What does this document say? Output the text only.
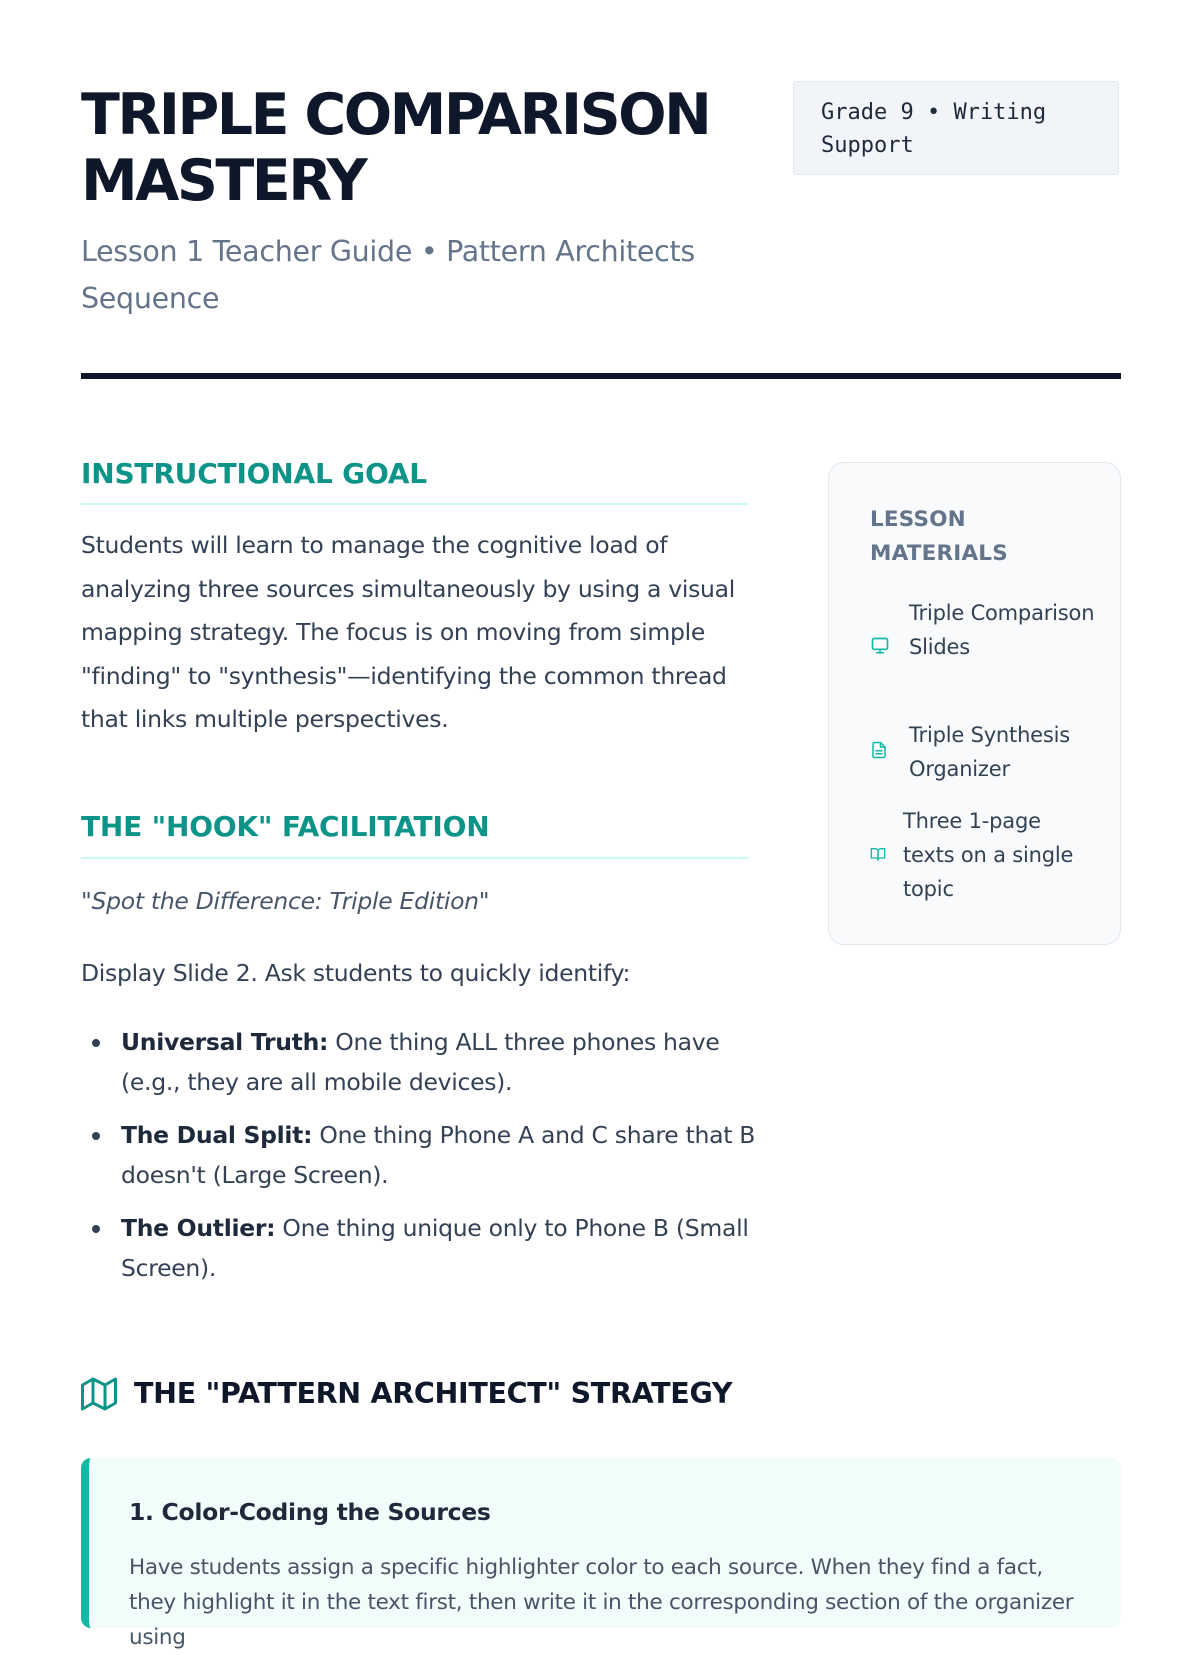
TRIPLE COMPARISON MASTERY
Lesson 1 Teacher Guide • Pattern Architects Sequence
Grade 9 • Writing Support
INSTRUCTIONAL GOAL

Students will learn to manage the cognitive load of analyzing three sources simultaneously by using a visual mapping strategy. The focus is on moving from simple "finding" to "synthesis"—identifying the common thread that links multiple perspectives.

THE "HOOK" FACILITATION

"Spot the Difference: Triple Edition"

Display Slide 2. Ask students to quickly identify:

Universal Truth: One thing ALL three phones have (e.g., they are all mobile devices).
The Dual Split: One thing Phone A and C share that B doesn't (Large Screen).
The Outlier: One thing unique only to Phone B (Small Screen).
LESSON
MATERIALS
Triple Comparison Slides
Triple Synthesis Organizer
Three 1-page texts on a single topic
THE "PATTERN ARCHITECT" STRATEGY
1. Color-Coding the Sources

Have students assign a specific highlighter color to each source. When they find a fact, they highlight it in the text first, then write it in the corresponding section of the organizer using
